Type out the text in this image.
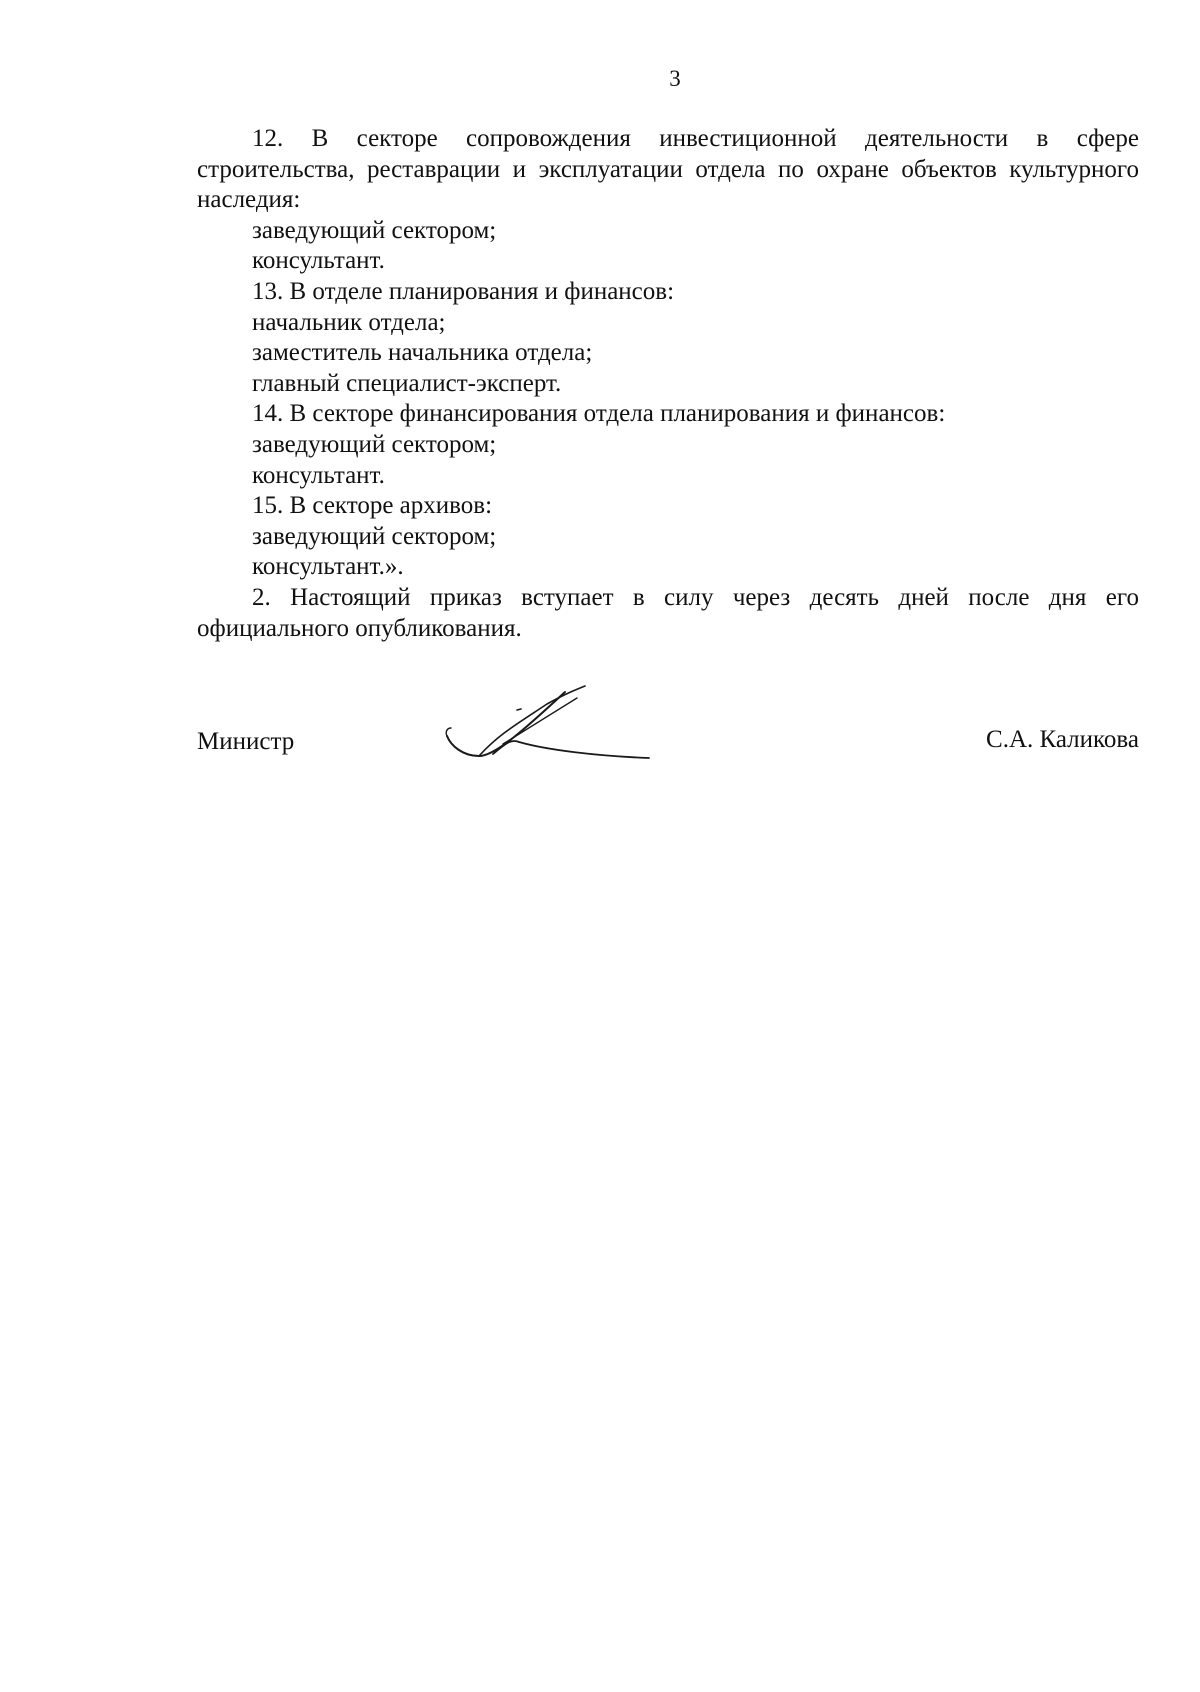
3

12. В секторе сопровождения инвестиционной деятельности в сфере строительства, реставрации и эксплуатации отдела по охране объектов культурного наследия:

заведующий сектором;

консультант.

13. В отделе планирования и финансов:

начальник отдела;

заместитель начальника отдела;

главный специалист-эксперт.

14. В секторе финансирования отдела планирования и финансов:

заведующий сектором;

консультант.

15. В секторе архивов:

заведующий сектором;

консультант.».

2. Настоящий приказ вступает в силу через десять дней после дня его официального опубликования.

Министр	С.А. Каликова
